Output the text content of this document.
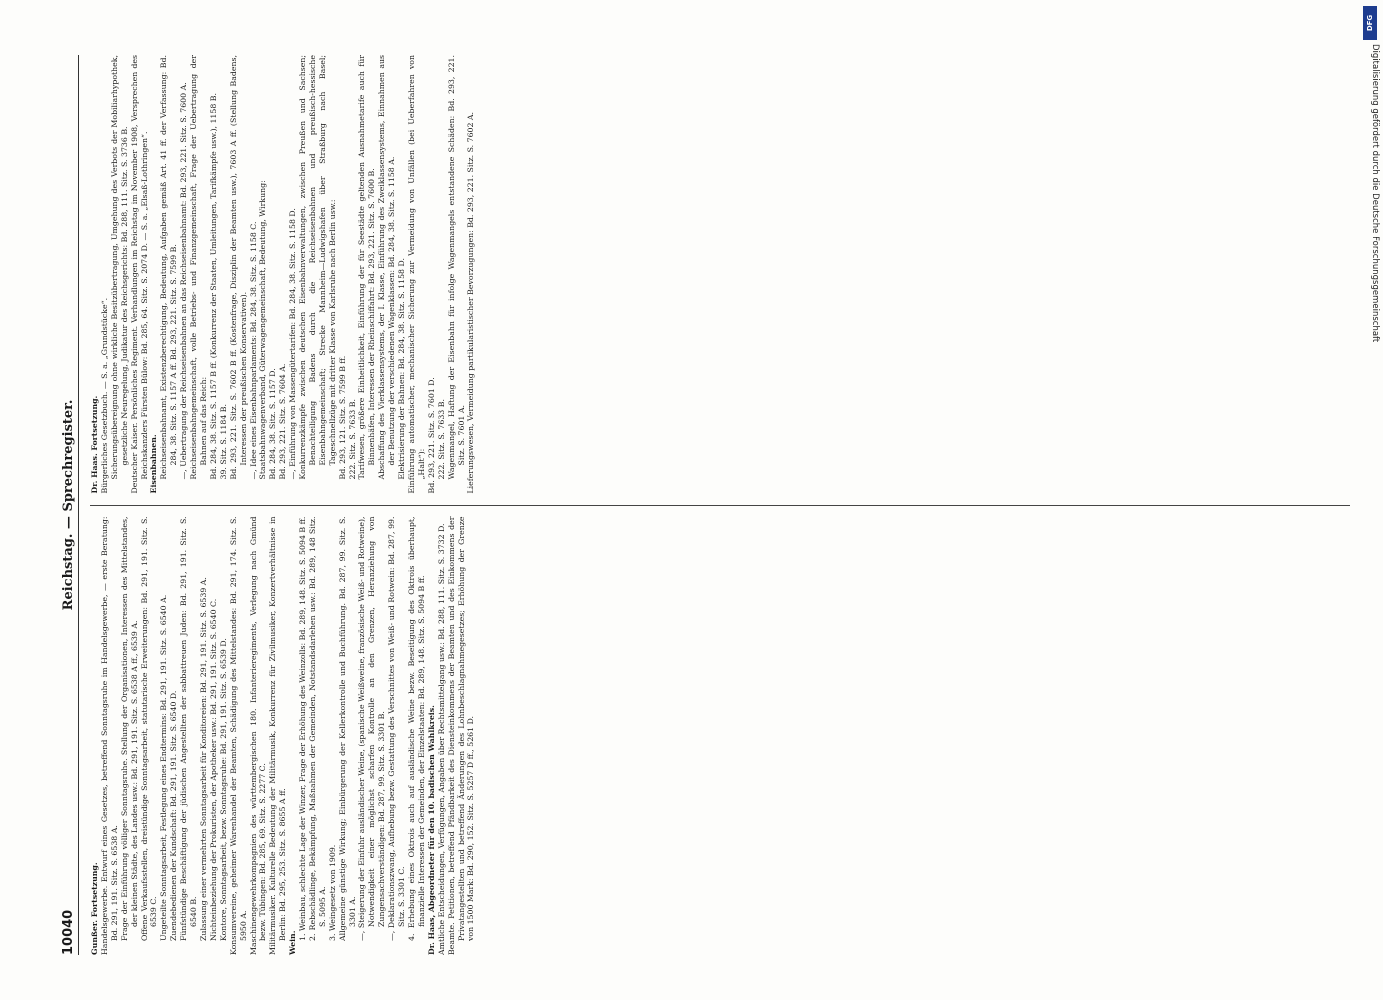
DFG
Digitalisierung gefördert durch die Deutsche Forschungsgemeinschaft
10040
Reichstag. — Sprechregister.

Gunßer. Fortsetzung. Handelsgewerbe. Entwurf eines Gesetzes, betreffend Sonntagsruhe im Handelsgewerbe, — erste Beratung: Bd. 291, 191. Sitz. S. 6538 A. Frage der Einführung völliger Sonntagsruhe. Stellung der Organisationen, Interessen des Mittelstandes, der kleinen Städte, des Landes usw.: Bd. 291, 191. Sitz. S. 6538 A ff., 6539 A. Offene Verkaufsstellen, dreistündige Sonntagsarbeit, statutarische Erweiterungen: Bd. 291, 191. Sitz. S. 6539 C. Ungeteilte Sonntagsarbeit, Festlegung eines Endtermins: Bd. 291, 191. Sitz. S. 6540 A. Zuendebedienen der Kundschaft: Bd. 291, 191. Sitz. S. 6540 D. Fünfstündige Beschäftigung der jüdischen Angestellten der sabbattreuen Juden: Bd. 291, 191. Sitz. S. 6540 B. Zulassung einer vermehrten Sonntagsarbeit für Konditoreien: Bd. 291, 191. Sitz. S. 6539 A. Nichteinbeziehung der Prokuristen, der Apotheker usw.: Bd. 291, 191. Sitz. S. 6540 C. Kontore, Sonntagsarbeit, bezw. Sonntagsruhe: Bd. 291, 191. Sitz. S. 6539 D. Konsumvereine, geheimer Warenhandel der Beamten, Schädigung des Mittelstandes: Bd. 291, 174. Sitz. S. 5950 A. Maschinengewehrkompagnien des württembergischen 180. Infanterieregiments, Verlegung nach Gmünd bezw. Tübingen: Bd. 285, 69. Sitz. S. 2277 C. Militärmusiker. Kulturelle Bedeutung der Militärmusik, Konkurrenz für Zivilmusiker, Konzertverhältnisse in Berlin: Bd. 295, 253. Sitz. S. 8655 A ff.

Wein.

1. Weinbau, schlechte Lage der Winzer, Frage der Erhöhung des Weinzolls: Bd. 289, 148. Sitz. S. 5094 B ff. 2. Rebschädlinge, Bekämpfung, Maßnahmen der Gemeinden, Notstandsdarlehen usw.: Bd. 289, 148 Sitz. S. 5095 A. 3. Weingesetz von 1909. Allgemeine günstige Wirkung; Einbürgerung der Kellerkontrolle und Buchführung. Bd. 287, 99. Sitz. S. 3301 A. —, Steigerung der Einfuhr ausländischer Weine, (spanische Weißweine, französische Weiß- und Rotweine), Notwendigkeit einer möglichst scharfen Kontrolle an den Grenzen, Heranziehung von Zungensachverständigen: Bd. 287, 99. Sitz. S. 3301 B. —, Deklarationszwang, Aufhebung bezw. Gestattung des Verschnittes von Weiß- und Rotwein: Bd. 287, 99. Sitz. S. 3301 C. 4. Erhebung eines Oktrois auch auf ausländische Weine bezw. Beseitigung des Oktrois überhaupt, finanzielle Interessen der Gemeinden, der Einzelstaaten: Bd. 289, 148. Sitz. S. 5094 B ff. Dr. Haas, Abgeordneter für den 10. badischen Wahlkreis. Amtliche Entscheidungen, Verfügungen, Angaben über Rechtsmittelgang usw.: Bd. 288, 111. Sitz. S. 3732 D. Beamte. Petitionen, betreffend Pfändbarkeit des Diensteinkommens der Beamten und des Einkommens der Privatangestellten und betreffend Änderungen des Lohnbeschlagnahmegesetzes; Erhöhung der Grenze von 1500 Mark: Bd. 290, 152. Sitz. S. 5257 D ff., 5261 D.

Dr. Haas. Fortsetzung. Bürgerliches Gesetzbuch. — S. a. „Grundstücke“. Sicherungsübereignung ohne wirkliche Besitzübertragung, Umgehung des Verbots der Mobiliarhypothek, gesetzliche Neuregelung, Judikatur des Reichsgerichts: Bd. 288, 111. Sitz. S. 3736 B. Deutscher Kaiser. Persönliches Regiment. Verhandlungen im Reichstag im November 1908, Versprechen des Reichskanzlers Fürsten Bülow: Bd. 285, 64. Sitz. S. 2074 D. — S. a. „Elsaß-Lothringen“. Eisenbahnen. Reichseisenbahnamt, Existenzberechtigung, Bedeutung, Aufgaben gemäß Art. 41 ff. der Verfassung: Bd. 284, 38. Sitz. S. 1157 A ff. Bd. 293, 221. Sitz. S. 7599 B. —, Uebertragung der Reichseisenbahnen an das Reichseisenbahnamt: Bd. 293, 221. Sitz. S. 7600 A. Reichseisenbahngemeinschaft, volle Betriebs- und Finanzgemeinschaft, Frage der Uebertragung der Bahnen auf das Reich: Bd. 284, 38. Sitz. S. 1157 B ff. (Konkurrenz der Staaten, Umleitungen, Tarifkämpfe usw.), 1158 B. 39. Sitz. S. 1184 B. Bd. 293, 221. Sitz. S. 7602 B ff. (Kostenfrage, Disziplin der Beamten usw.), 7603 A ff. (Stellung Badens, Interessen der preußischen Konservativen). —, Idee eines Eisenbahnparlaments: Bd. 284, 38. Sitz. S. 1158 C. Staatsbahnwagenverband, Güterwagengemeinschaft, Bedeutung, Wirkung: Bd. 284, 38. Sitz. S. 1157 D. Bd. 293, 221. Sitz. S. 7604 A. —, Einführung von Massengütertarifen: Bd. 284, 38. Sitz. S. 1158 D. Konkurrenzkämpfe zwischen deutschen Eisenbahnverwaltungen, zwischen Preußen und Sachsen; Benachteiligung Badens durch die Reichseisenbahnen und preußisch-hessische Eisenbahngemeinschaft; Strecke Mannheim—Ludwigshafen über Straßburg nach Basel; Tageschnellzüge mit dritter Klasse von Karlsruhe nach Berlin usw.: Bd. 293, 121. Sitz. S. 7599 B ff. 222. Sitz. S. 7633 B. Tarifwesen, größere Einheitlichkeit, Einführung der für Seestädte geltenden Ausnahmetarife auch für Binnenhäfen, Interessen der Rheinschiffahrt: Bd. 293, 221. Sitz. S. 7600 B. Abschaffung des Vierklassensystems, der I. Klasse, Einführung des Zweiklassensystems, Einnahmen aus der Benutzung der verschiedenen Wagenklassen: Bd. 284, 38. Sitz. S. 1158 A. Elektrisierung der Bahnen: Bd. 284, 38. Sitz. S. 1158 D. Einführung automatischer, mechanischer Sicherung zur Vermeidung von Unfällen (bei Ueberfahren von „Halt“): Bd. 293, 221. Sitz. S. 7601 D. 222. Sitz. S. 7633 B. Wagenmangel, Haftung der Eisenbahn für infolge Wagenmangels entstandene Schäden: Bd. 293, 221. Sitz. S. 7601 A. Lieferungswesen, Vermeidung partikularistischer Bevorzugungen: Bd. 293, 221. Sitz. S. 7602 A.
